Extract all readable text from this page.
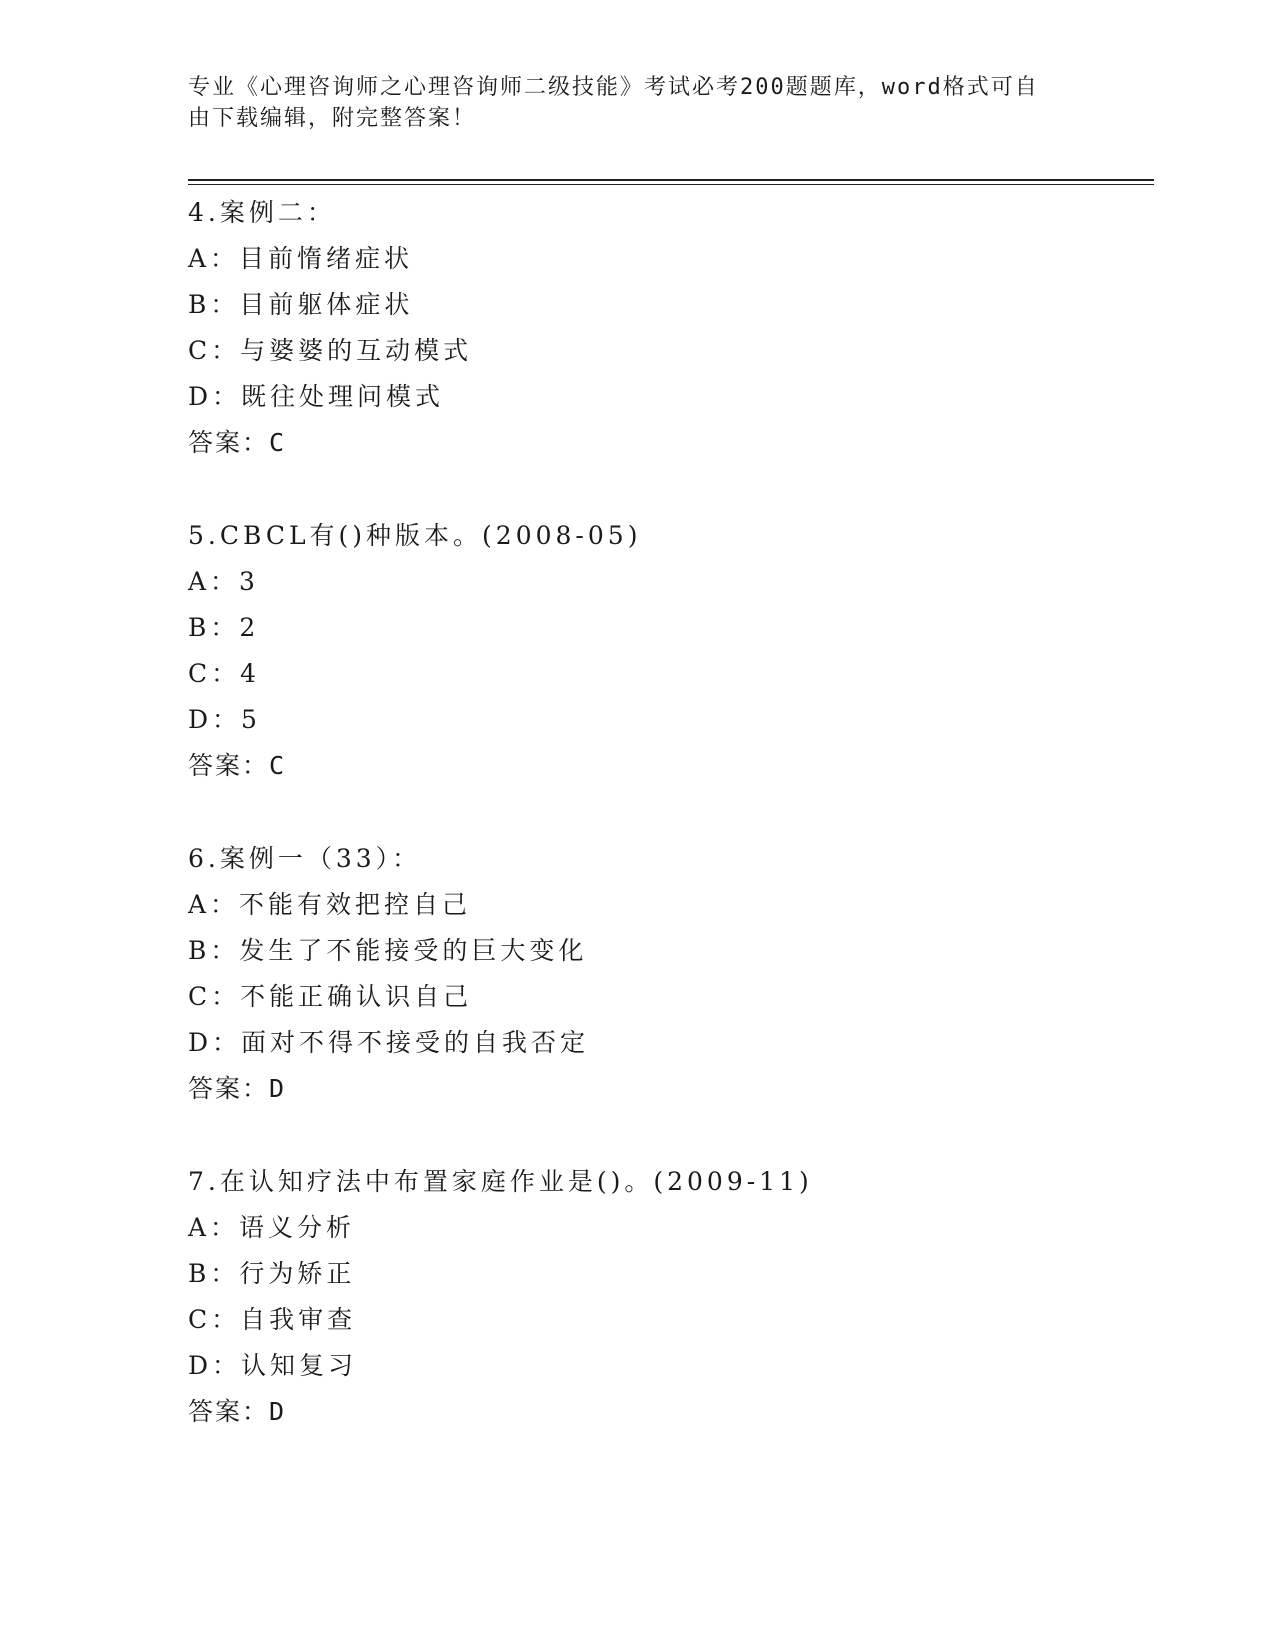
专业《心理咨询师之心理咨询师二级技能》考试必考200题题库，word格式可自
由下载编辑，附完整答案！
4.案例二：
A：目前惰绪症状
B：目前躯体症状
C：与婆婆的互动模式
D：既往处理问模式
答案：C
5.CBCL有()种版本。(2008-05)
A：3
B：2
C：4
D：5
答案：C
6.案例一（33）：
A：不能有效把控自己
B：发生了不能接受的巨大变化
C：不能正确认识自己
D：面对不得不接受的自我否定
答案：D
7.在认知疗法中布置家庭作业是()。(2009-11)
A：语义分析
B：行为矫正
C：自我审查
D：认知复习
答案：D
